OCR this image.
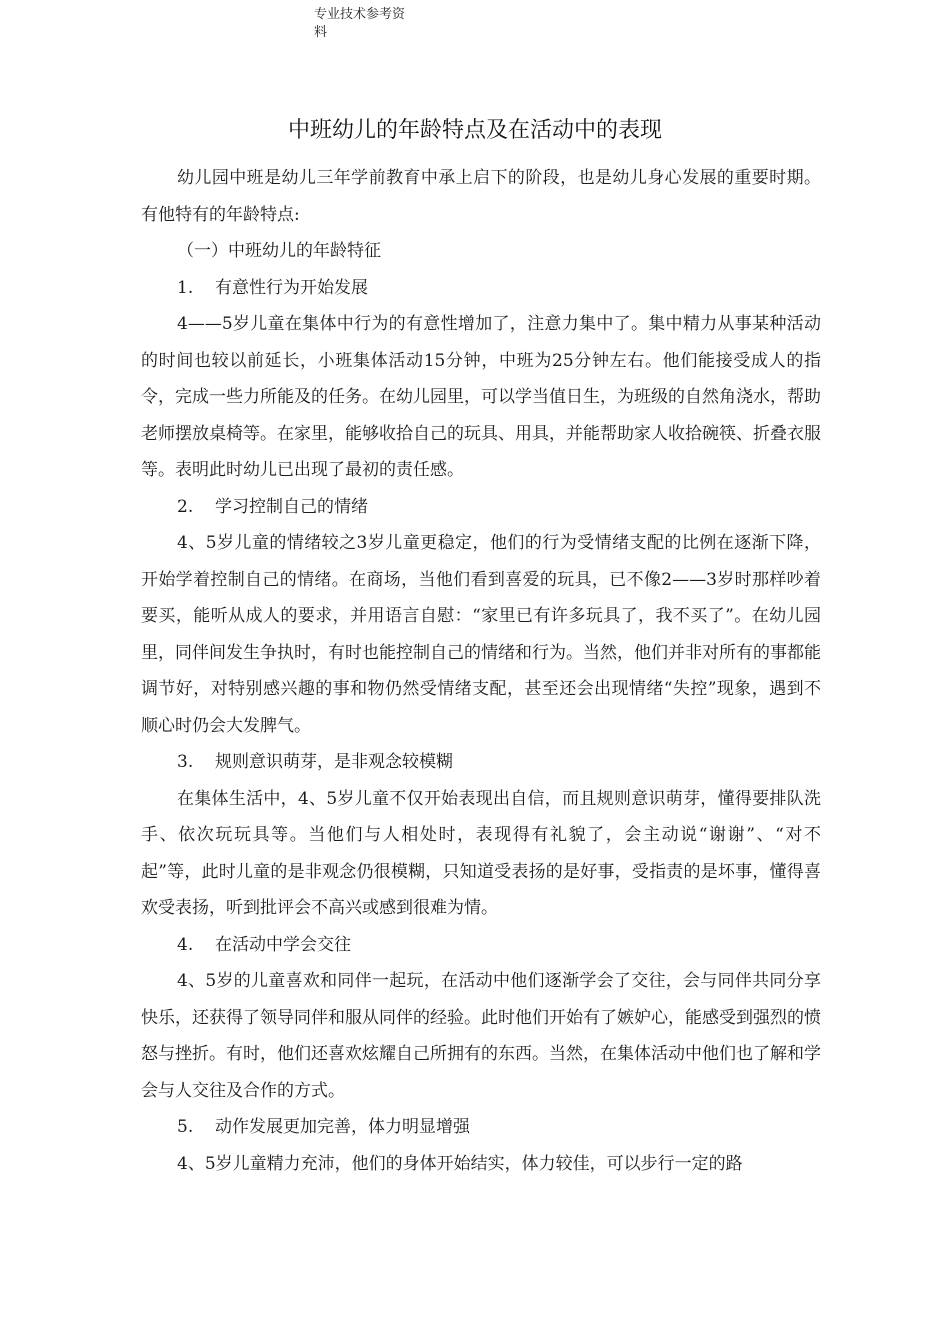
专业技术参考资
料
中班幼儿的年龄特点及在活动中的表现

幼儿园中班是幼儿三年学前教育中承上启下的阶段，也是幼儿身心发展的重要时期。有他特有的年龄特点:

（一）中班幼儿的年龄特征

1. 有意性行为开始发展

4——5岁儿童在集体中行为的有意性增加了，注意力集中了。集中精力从事某种活动的时间也较以前延长，小班集体活动15分钟，中班为25分钟左右。他们能接受成人的指令，完成一些力所能及的任务。在幼儿园里，可以学当值日生，为班级的自然角浇水，帮助老师摆放桌椅等。在家里，能够收拾自己的玩具、用具，并能帮助家人收拾碗筷、折叠衣服等。表明此时幼儿已出现了最初的责任感。

2. 学习控制自己的情绪

4、5岁儿童的情绪较之3岁儿童更稳定，他们的行为受情绪支配的比例在逐渐下降，开始学着控制自己的情绪。在商场，当他们看到喜爱的玩具，已不像2——3岁时那样吵着要买，能听从成人的要求，并用语言自慰：“家里已有许多玩具了，我不买了”。在幼儿园里，同伴间发生争执时，有时也能控制自己的情绪和行为。当然，他们并非对所有的事都能调节好，对特别感兴趣的事和物仍然受情绪支配，甚至还会出现情绪“失控”现象，遇到不顺心时仍会大发脾气。

3. 规则意识萌芽，是非观念较模糊

在集体生活中，4、5岁儿童不仅开始表现出自信，而且规则意识萌芽，懂得要排队洗手、依次玩玩具等。当他们与人相处时，表现得有礼貌了，会主动说“谢谢”、“对不起”等，此时儿童的是非观念仍很模糊，只知道受表扬的是好事，受指责的是坏事，懂得喜欢受表扬，听到批评会不高兴或感到很难为情。

4. 在活动中学会交往

4、5岁的儿童喜欢和同伴一起玩，在活动中他们逐渐学会了交往，会与同伴共同分享快乐，还获得了领导同伴和服从同伴的经验。此时他们开始有了嫉妒心，能感受到强烈的愤怒与挫折。有时，他们还喜欢炫耀自己所拥有的东西。当然，在集体活动中他们也了解和学会与人交往及合作的方式。

5. 动作发展更加完善，体力明显增强

4、5岁儿童精力充沛，他们的身体开始结实，体力较佳，可以步行一定的路
